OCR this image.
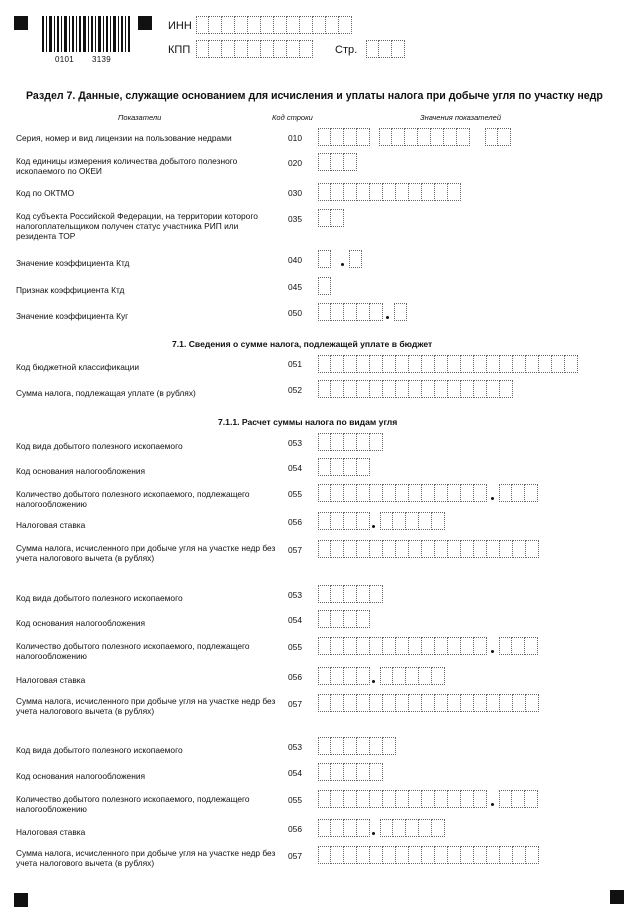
0101 3139
ИНН
КПП	Стр.
Раздел 7. Данные, служащие основанием для исчисления и уплаты налога при добыче угля по участку недр
Показатели	Код строки	Значения показателей
Серия, номер и вид лицензии на пользование недрами	010
Код единицы измерения количества добытого полезного ископаемого по ОКЕИ
020
Код по ОКТМО	030
Код субъекта Российской Федерации, на территории которого налогоплательщиком получен статус участника РИП или резидента ТОР
035
Значение коэффициента Ктд	040
Признак коэффициента Ктд	045
Значение коэффициента Куг	050
7.1. Сведения о сумме налога, подлежащей уплате в бюджет
Код бюджетной классификации	051
Сумма налога, подлежащая уплате (в рублях)	052
7.1.1. Расчет суммы налога по видам угля
Код вида добытого полезного ископаемого	053
Код основания налогообложения	054
Количество добытого полезного ископаемого, подлежащего налогообложению
055
Налоговая ставка	056
Сумма налога, исчисленного при добыче угля на участке недр без учета налогового вычета (в рублях)
057
Код вида добытого полезного ископаемого	053
Код основания налогообложения	054
Количество добытого полезного ископаемого, подлежащего налогообложению
055
Налоговая ставка	056
Сумма налога, исчисленного при добыче угля на участке недр без учета налогового вычета (в рублях)
057
Код вида добытого полезного ископаемого	053
Код основания налогообложения	054
Количество добытого полезного ископаемого, подлежащего налогообложению
055
Налоговая ставка	056
Сумма налога, исчисленного при добыче угля на участке недр без учета налогового вычета (в рублях)
057
